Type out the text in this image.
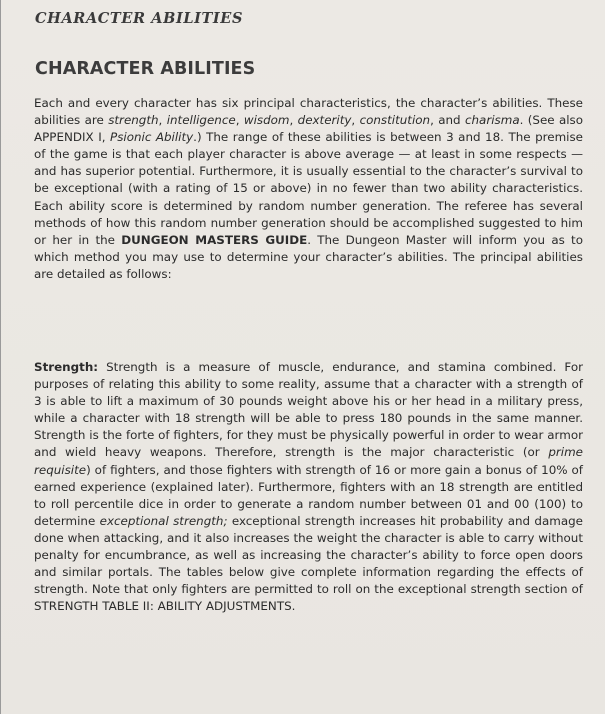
CHARACTER ABILITIES
CHARACTER ABILITIES

Each and every character has six principal characteristics, the character’s abilities. These abilities are strength, intelligence, wisdom, dexterity, constitution, and charisma. (See also APPENDIX I, Psionic Ability.) The range of these abilities is between 3 and 18. The premise of the game is that each player character is above average — at least in some respects — and has superior potential. Furthermore, it is usually essential to the character’s survival to be exceptional (with a rating of 15 or above) in no fewer than two ability characteristics. Each ability score is determined by random number generation. The referee has several methods of how this random number generation should be accomplished suggested to him or her in the DUNGEON MASTERS GUIDE. The Dungeon Master will inform you as to which method you may use to determine your character’s abilities. The principal abilities are detailed as follows:

Strength: Strength is a measure of muscle, endurance, and stamina combined. For purposes of relating this ability to some reality, assume that a character with a strength of 3 is able to lift a maximum of 30 pounds weight above his or her head in a military press, while a character with 18 strength will be able to press 180 pounds in the same manner. Strength is the forte of fighters, for they must be physically powerful in order to wear armor and wield heavy weapons. Therefore, strength is the major characteristic (or prime requisite) of fighters, and those fighters with strength of 16 or more gain a bonus of 10% of earned experience (explained later). Furthermore, fighters with an 18 strength are entitled to roll percentile dice in order to generate a random number between 01 and 00 (100) to determine exceptional strength; exceptional strength increases hit probability and damage done when attacking, and it also increases the weight the character is able to carry without penalty for encumbrance, as well as increasing the character’s ability to force open doors and similar portals. The tables below give complete information regarding the effects of strength. Note that only fighters are permitted to roll on the exceptional strength section of STRENGTH TABLE II: ABILITY ADJUSTMENTS.
